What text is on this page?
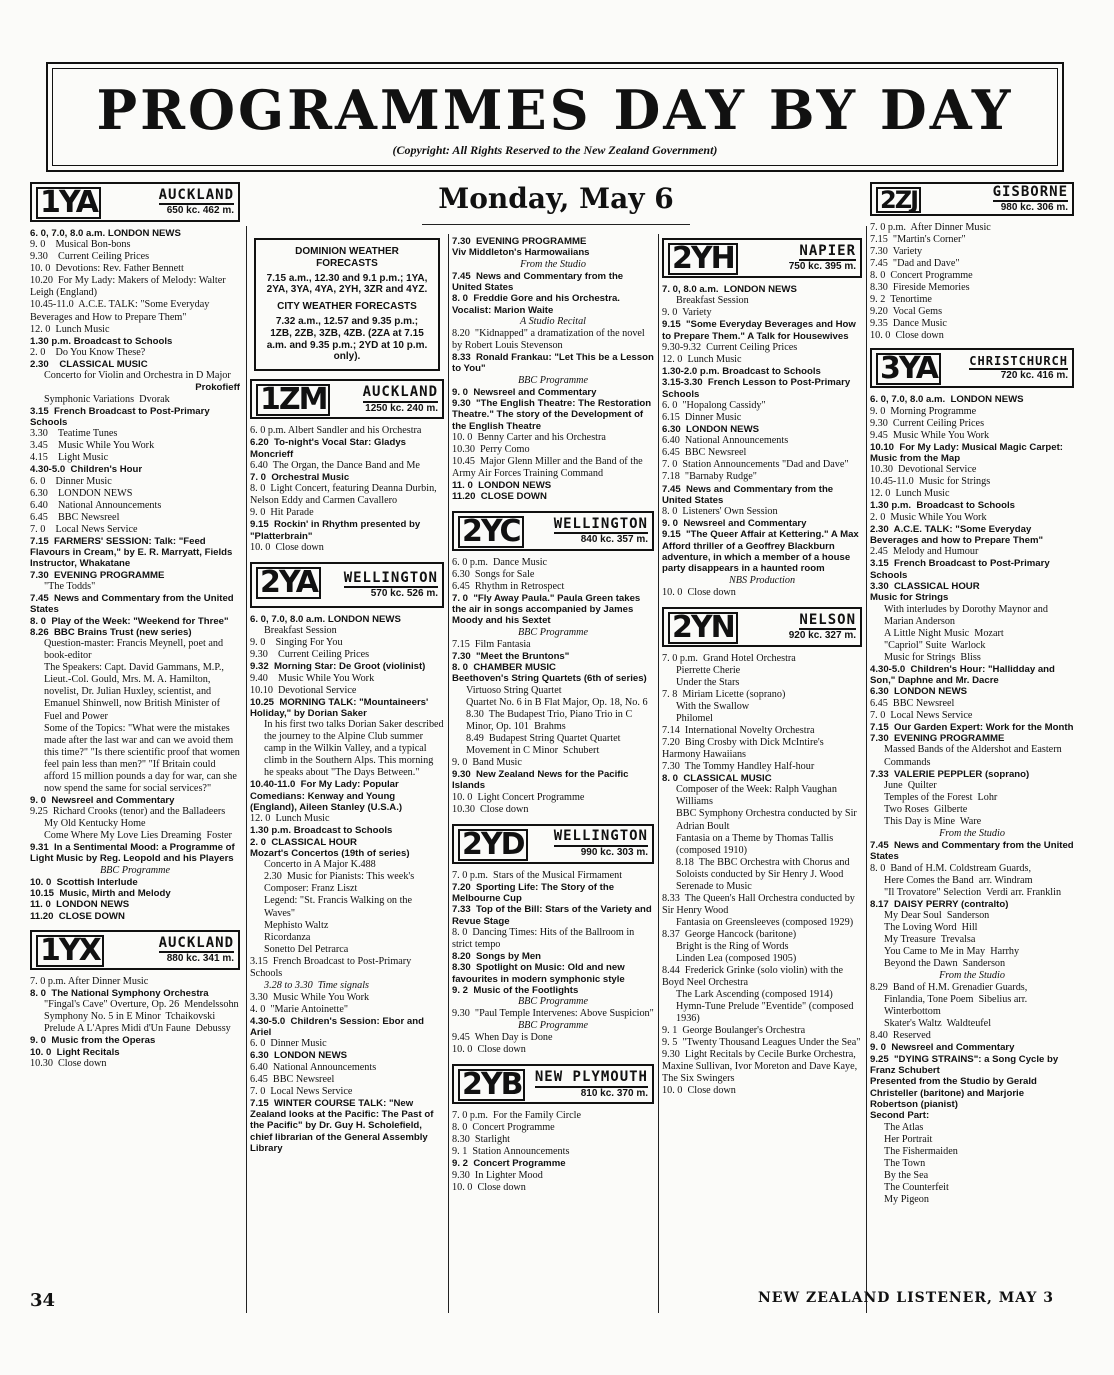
PROGRAMMES DAY BY DAY
(Copyright: All Rights Reserved to the New Zealand Government)
Monday, May 6
1YA	AUCKLAND
650 kc. 462 m.
6. 0, 7.0, 8.0 a.m. LONDON NEWS
9. 0    Musical Bon-bons
9.30    Current Ceiling Prices
10. 0  Devotions: Rev. Father Bennett
10.20  For My Lady: Makers of Melody: Walter Leigh (England)
10.45-11.0  A.C.E. TALK: "Some Everyday Beverages and How to Prepare Them"
12. 0  Lunch Music
1.30 p.m. Broadcast to Schools
2. 0    Do You Know These?
2.30    CLASSICAL MUSIC
Concerto for Violin and Orchestra in D Major
Prokofieff
Symphonic Variations  Dvorak
3.15  French Broadcast to Post-Primary Schools
3.30    Teatime Tunes
3.45    Music While You Work
4.15    Light Music
4.30-5.0  Children's Hour
6. 0    Dinner Music
6.30    LONDON NEWS
6.40    National Announcements
6.45    BBC Newsreel
7. 0    Local News Service
7.15  FARMERS' SESSION: Talk: "Feed Flavours in Cream," by E. R. Marryatt, Fields Instructor, Whakatane
7.30  EVENING PROGRAMME
"The Todds"
7.45  News and Commentary from the United States
8. 0  Play of the Week: "Weekend for Three"
8.26  BBC Brains Trust (new series)
Question-master: Francis Meynell, poet and book-editor
The Speakers: Capt. David Gammans, M.P., Lieut.-Col. Gould, Mrs. M. A. Hamilton, novelist, Dr. Julian Huxley, scientist, and Emanuel Shinwell, now British Minister of Fuel and Power
Some of the Topics: "What were the mistakes made after the last war and can we avoid them this time?" "Is there scientific proof that women feel pain less than men?" "If Britain could afford 15 million pounds a day for war, can she now spend the same for social services?"
9. 0  Newsreel and Commentary
9.25  Richard Crooks (tenor) and the Balladeers
My Old Kentucky Home
Come Where My Love Lies Dreaming  Foster
9.31  In a Sentimental Mood: a Programme of Light Music by Reg. Leopold and his Players
BBC Programme
10. 0  Scottish Interlude
10.15  Music, Mirth and Melody
11. 0  LONDON NEWS
11.20  CLOSE DOWN
1YX	AUCKLAND
880 kc. 341 m.
7. 0 p.m. After Dinner Music
8. 0  The National Symphony Orchestra
"Fingal's Cave" Overture, Op. 26  Mendelssohn
Symphony No. 5 in E Minor  Tchaikovski
Prelude A L'Apres Midi d'Un Faune  Debussy
9. 0  Music from the Operas
10. 0  Light Recitals
10.30  Close down
DOMINION WEATHER FORECASTS
7.15 a.m., 12.30 and 9.1 p.m.; 1YA, 2YA, 3YA, 4YA, 2YH, 3ZR and 4YZ.
CITY WEATHER FORECASTS
7.32 a.m., 12.57 and 9.35 p.m.; 1ZB, 2ZB, 3ZB, 4ZB. (2ZA at 7.15 a.m. and 9.35 p.m.; 2YD at 10 p.m. only).
1ZM	AUCKLAND
1250 kc. 240 m.
6. 0 p.m. Albert Sandler and his Orchestra
6.20  To-night's Vocal Star: Gladys Moncrieff
6.40  The Organ, the Dance Band and Me
7. 0  Orchestral Music
8. 0  Light Concert, featuring Deanna Durbin, Nelson Eddy and Carmen Cavallero
9. 0  Hit Parade
9.15  Rockin' in Rhythm presented by "Platterbrain"
10. 0  Close down
2YA	WELLINGTON
570 kc. 526 m.
6. 0, 7.0, 8.0 a.m. LONDON NEWS
Breakfast Session
9. 0    Singing For You
9.30    Current Ceiling Prices
9.32  Morning Star: De Groot (violinist)
9.40    Music While You Work
10.10  Devotional Service
10.25  MORNING TALK: "Mountaineers' Holiday," by Dorian Saker
In his first two talks Dorian Saker described the journey to the Alpine Club summer camp in the Wilkin Valley, and a typical climb in the Southern Alps. This morning he speaks about "The Days Between."
10.40-11.0  For My Lady: Popular Comedians: Kenway and Young (England), Aileen Stanley (U.S.A.)
12. 0  Lunch Music
1.30 p.m. Broadcast to Schools
2. 0  CLASSICAL HOUR
Mozart's Concertos (19th of series)
Concerto in A Major K.488
2.30  Music for Pianists: This week's Composer: Franz Liszt
Legend: "St. Francis Walking on the Waves"
Mephisto Waltz
Ricordanza
Sonetto Del Petrarca
3.15  French Broadcast to Post-Primary Schools
3.28 to 3.30  Time signals
3.30  Music While You Work
4. 0  "Marie Antoinette"
4.30-5.0  Children's Session: Ebor and Ariel
6. 0  Dinner Music
6.30  LONDON NEWS
6.40  National Announcements
6.45  BBC Newsreel
7. 0  Local News Service
7.15  WINTER COURSE TALK: "New Zealand looks at the Pacific: The Past of the Pacific" by Dr. Guy H. Scholefield, chief librarian of the General Assembly Library
7.30  EVENING PROGRAMME
Viv Middleton's Harmowaiians
From the Studio
7.45  News and Commentary from the United States
8. 0  Freddie Gore and his Orchestra. Vocalist: Marion Waite
A Studio Recital
8.20  "Kidnapped" a dramatization of the novel by Robert Louis Stevenson
8.33  Ronald Frankau: "Let This be a Lesson to You"
BBC Programme
9. 0  Newsreel and Commentary
9.30  "The English Theatre: The Restoration Theatre." The story of the Development of the English Theatre
10. 0  Benny Carter and his Orchestra
10.30  Perry Como
10.45  Major Glenn Miller and the Band of the Army Air Forces Training Command
11. 0  LONDON NEWS
11.20  CLOSE DOWN
2YC	WELLINGTON
840 kc. 357 m.
6. 0 p.m.  Dance Music
6.30  Songs for Sale
6.45  Rhythm in Retrospect
7. 0  "Fly Away Paula." Paula Green takes the air in songs accompanied by James Moody and his Sextet
BBC Programme
7.15  Film Fantasia
7.30  "Meet the Bruntons"
8. 0  CHAMBER MUSIC
Beethoven's String Quartets (6th of series)
Virtuoso String Quartet
Quartet No. 6 in B Flat Major, Op. 18, No. 6
8.30  The Budapest Trio, Piano Trio in C Minor, Op. 101  Brahms
8.49  Budapest String Quartet Quartet Movement in C Minor  Schubert
9. 0  Band Music
9.30  New Zealand News for the Pacific Islands
10. 0  Light Concert Programme
10.30  Close down
2YD	WELLINGTON
990 kc. 303 m.
7. 0 p.m.  Stars of the Musical Firmament
7.20  Sporting Life: The Story of the Melbourne Cup
7.33  Top of the Bill: Stars of the Variety and Revue Stage
8. 0  Dancing Times: Hits of the Ballroom in strict tempo
8.20  Songs by Men
8.30  Spotlight on Music: Old and new favourites in modern symphonic style
9. 2  Music of the Footlights
BBC Programme
9.30  "Paul Temple Intervenes: Above Suspicion"
BBC Programme
9.45  When Day is Done
10. 0  Close down
2YB NEW PLYMOUTH
810 kc. 370 m.
7. 0 p.m.  For the Family Circle
8. 0  Concert Programme
8.30  Starlight
9. 1  Station Announcements
9. 2  Concert Programme
9.30  In Lighter Mood
10. 0  Close down
2YH	NAPIER
750 kc. 395 m.
7. 0, 8.0 a.m.  LONDON NEWS
Breakfast Session
9. 0  Variety
9.15  "Some Everyday Beverages and How to Prepare Them." A Talk for Housewives
9.30-9.32  Current Ceiling Prices
12. 0  Lunch Music
1.30-2.0 p.m. Broadcast to Schools
3.15-3.30  French Lesson to Post-Primary Schools
6. 0  "Hopalong Cassidy"
6.15  Dinner Music
6.30  LONDON NEWS
6.40  National Announcements
6.45  BBC Newsreel
7. 0  Station Announcements "Dad and Dave"
7.18  "Barnaby Rudge"
7.45  News and Commentary from the United States
8. 0  Listeners' Own Session
9. 0  Newsreel and Commentary
9.15  "The Queer Affair at Kettering." A Max Afford thriller of a Geoffrey Blackburn adventure, in which a member of a house party disappears in a haunted room
NBS Production
10. 0  Close down
2YN	NELSON
920 kc. 327 m.
7. 0 p.m.  Grand Hotel Orchestra
Pierrette Cherie
Under the Stars
7. 8  Miriam Licette (soprano)
With the Swallow
Philomel
7.14  International Novelty Orchestra
7.20  Bing Crosby with Dick McIntire's Harmony Hawaiians
7.30  The Tommy Handley Half-hour
8. 0  CLASSICAL MUSIC
Composer of the Week: Ralph Vaughan Williams
BBC Symphony Orchestra conducted by Sir Adrian Boult
Fantasia on a Theme by Thomas Tallis (composed 1910)
8.18  The BBC Orchestra with Chorus and Soloists conducted by Sir Henry J. Wood
Serenade to Music
8.33  The Queen's Hall Orchestra conducted by Sir Henry Wood
Fantasia on Greensleeves (composed 1929)
8.37  George Hancock (baritone)
Bright is the Ring of Words
Linden Lea (composed 1905)
8.44  Frederick Grinke (solo violin) with the Boyd Neel Orchestra
The Lark Ascending (composed 1914)
Hymn-Tune Prelude "Eventide" (composed 1936)
9. 1  George Boulanger's Orchestra
9. 5  "Twenty Thousand Leagues Under the Sea"
9.30  Light Recitals by Cecile Burke Orchestra, Maxine Sullivan, Ivor Moreton and Dave Kaye, The Six Swingers
10. 0  Close down
2ZJ	GISBORNE
980 kc. 306 m.
7. 0 p.m.  After Dinner Music
7.15  "Martin's Corner"
7.30  Variety
7.45  "Dad and Dave"
8. 0  Concert Programme
8.30  Fireside Memories
9. 2  Tenortime
9.20  Vocal Gems
9.35  Dance Music
10. 0  Close down
3YA	CHRISTCHURCH
720 kc. 416 m.
6. 0, 7.0, 8.0 a.m.  LONDON NEWS
9. 0  Morning Programme
9.30  Current Ceiling Prices
9.45  Music While You Work
10.10  For My Lady: Musical Magic Carpet: Music from the Map
10.30  Devotional Service
10.45-11.0  Music for Strings
12. 0  Lunch Music
1.30 p.m.  Broadcast to Schools
2. 0  Music While You Work
2.30  A.C.E. TALK: "Some Everyday Beverages and how to Prepare Them"
2.45  Melody and Humour
3.15  French Broadcast to Post-Primary Schools
3.30  CLASSICAL HOUR
Music for Strings
With interludes by Dorothy Maynor and Marian Anderson
A Little Night Music  Mozart
"Capriol" Suite  Warlock
Music for Strings  Bliss
4.30-5.0  Children's Hour: "Hallidday and Son," Daphne and Mr. Dacre
6.30  LONDON NEWS
6.45  BBC Newsreel
7. 0  Local News Service
7.15  Our Garden Expert: Work for the Month
7.30  EVENING PROGRAMME
Massed Bands of the Aldershot and Eastern Commands
7.33  VALERIE PEPPLER (soprano)
June  Quilter
Temples of the Forest  Lohr
Two Roses  Gilberte
This Day is Mine  Ware
From the Studio
7.45  News and Commentary from the United States
8. 0  Band of H.M. Coldstream Guards,
Here Comes the Band  arr. Windram
"Il Trovatore" Selection  Verdi arr. Franklin
8.17  DAISY PERRY (contralto)
My Dear Soul  Sanderson
The Loving Word  Hill
My Treasure  Trevalsa
You Came to Me in May  Harrhy
Beyond the Dawn  Sanderson
From the Studio
8.29  Band of H.M. Grenadier Guards,
Finlandia, Tone Poem  Sibelius arr. Winterbottom
Skater's Waltz  Waldteufel
8.40  Reserved
9. 0  Newsreel and Commentary
9.25  "DYING STRAINS": a Song Cycle by Franz Schubert
Presented from the Studio by Gerald Christeller (baritone) and Marjorie Robertson (pianist)
Second Part:
The Atlas
Her Portrait
The Fishermaiden
The Town
By the Sea
The Counterfeit
My Pigeon
34	NEW ZEALAND LISTENER, MAY 3
